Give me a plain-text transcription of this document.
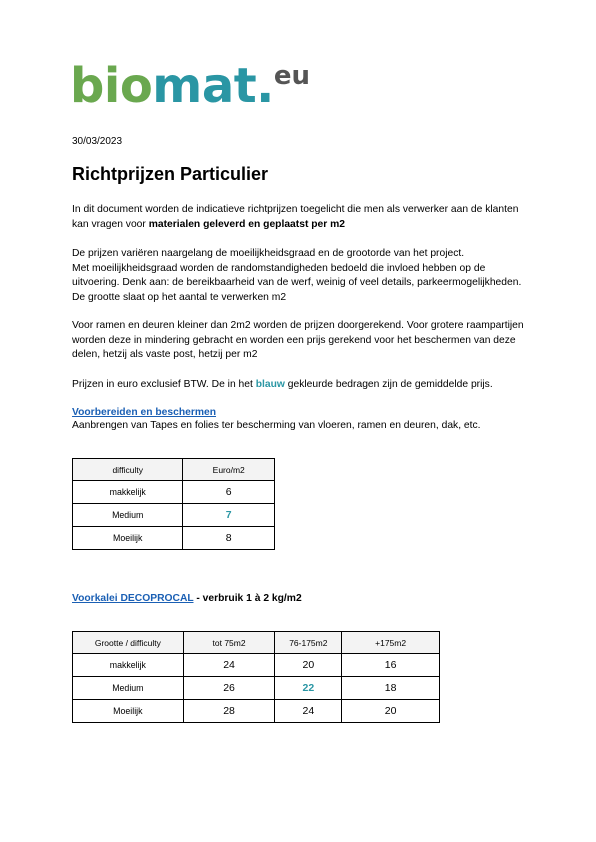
biomat.$^{eu}$
30/03/2023
Richtprijzen Particulier

In dit document worden de indicatieve richtprijzen toegelicht die men als verwerker aan de klanten kan vragen voor materialen geleverd en geplaatst per m2

De prijzen variëren naargelang de moeilijkheidsgraad en de grootorde van het project.
Met moeilijkheidsgraad worden de randomstandigheden bedoeld die invloed hebben op de uitvoering. Denk aan: de bereikbaarheid van de werf, weinig of veel details, parkeermogelijkheden. De grootte slaat op het aantal te verwerken m2

Voor ramen en deuren kleiner dan 2m2 worden de prijzen doorgerekend. Voor grotere raampartijen worden deze in mindering gebracht en worden een prijs gerekend voor het beschermen van deze delen, hetzij als vaste post, hetzij per m2

Prijzen in euro exclusief BTW. De in het blauw gekleurde bedragen zijn de gemiddelde prijs.

Voorbereiden en beschermen
Aanbrengen van Tapes en folies ter bescherming van vloeren, ramen en deuren, dak, etc.
difficulty	Euro/m2
makkelijk	6
Medium	7
Moeilijk	8
Voorkalei DECOPROCAL - verbruik 1 à 2 kg/m2
Grootte / difficulty	tot 75m2	76-175m2	+175m2
makkelijk	24	20	16
Medium	26	22	18
Moeilijk	28	24	20
